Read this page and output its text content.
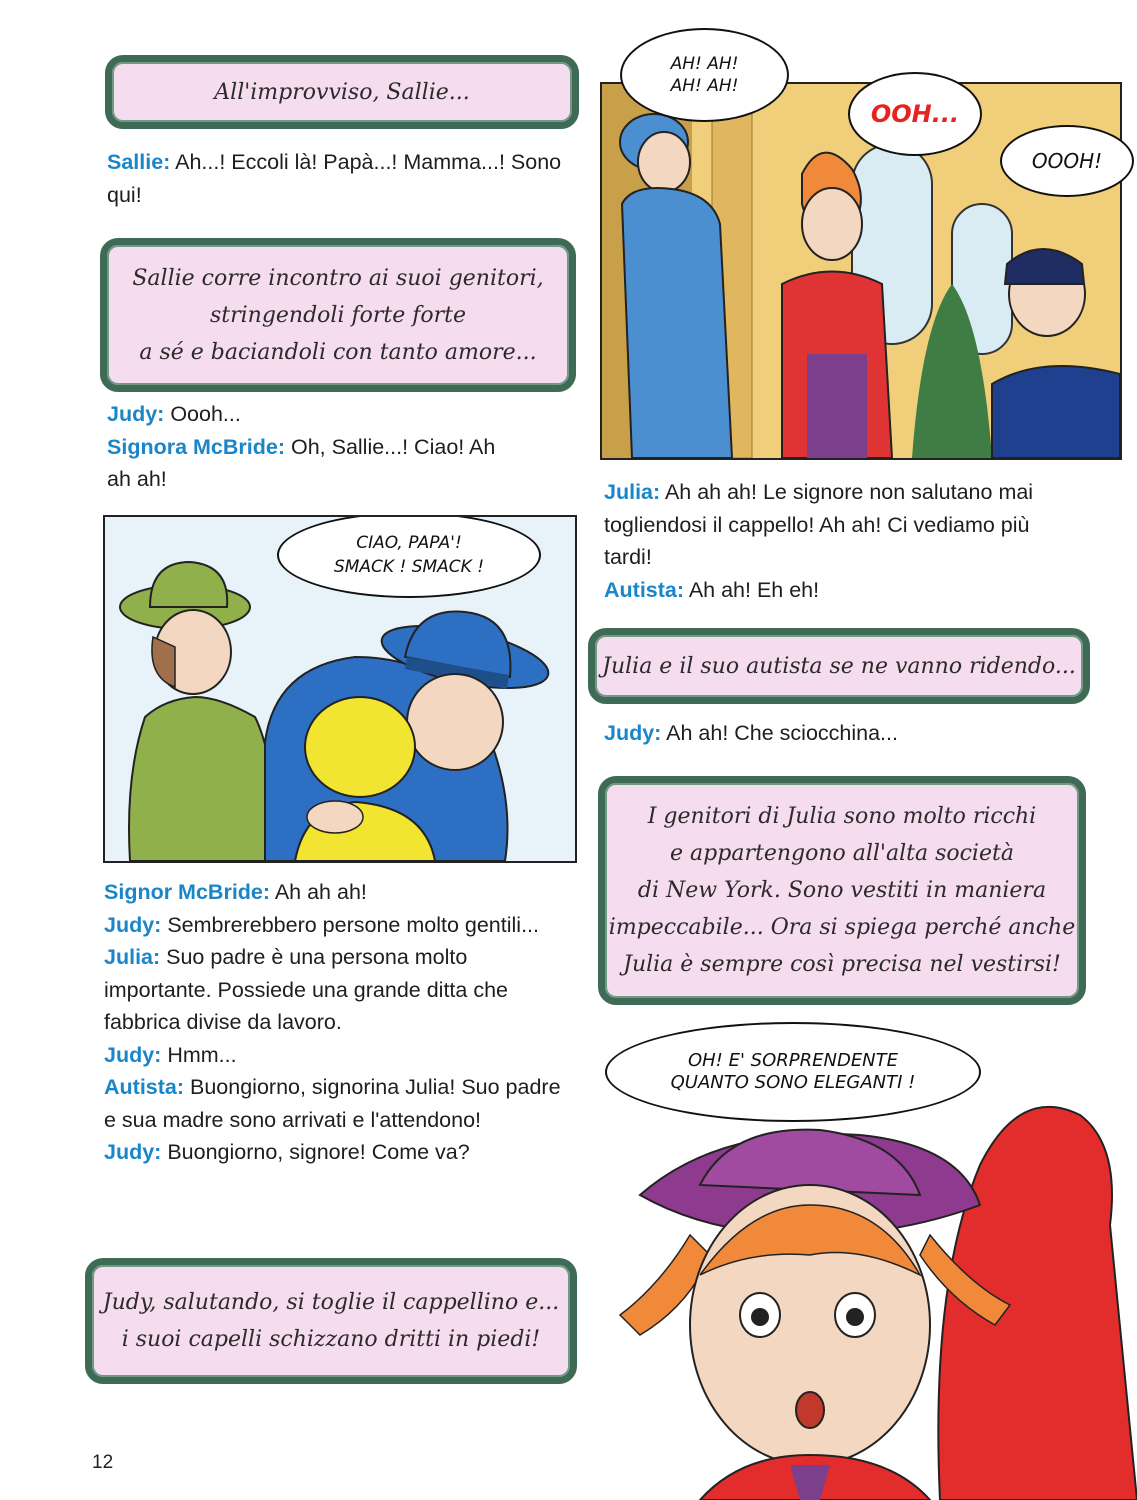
All'improvviso, Sallie...
Sallie: Ah...! Eccoli là! Papà...! Mamma...! Sono qui!
Sallie corre incontro ai suoi genitori,
stringendoli forte forte
a sé e baciandoli con tanto amore...
Judy: Oooh...
Signora McBride: Oh, Sallie...! Ciao! Ah ah ah!
CIAO, PAPA'!
SMACK ! SMACK !
Signor McBride: Ah ah ah!
Judy: Sembrerebbero persone molto gentili...
Julia: Suo padre è una persona molto importante. Possiede una grande ditta che fabbrica divise da lavoro.
Judy: Hmm...
Autista: Buongiorno, signorina Julia! Suo padre e sua madre sono arrivati e l'attendono!
Judy: Buongiorno, signore! Come va?
Judy, salutando, si toglie il cappellino e...
i suoi capelli schizzano dritti in piedi!
AH! AH!
AH! AH!
OOH...
OOOH!
Julia: Ah ah ah! Le signore non salutano mai togliendosi il cappello! Ah ah! Ci vediamo più tardi!
Autista: Ah ah! Eh eh!
Julia e il suo autista se ne vanno ridendo...
Judy: Ah ah! Che sciocchina...
I genitori di Julia sono molto ricchi
e appartengono all'alta società
di New York. Sono vestiti in maniera
impeccabile... Ora si spiega perché anche
Julia è sempre così precisa nel vestirsi!
OH! E' SORPRENDENTE
QUANTO SONO ELEGANTI !
12
